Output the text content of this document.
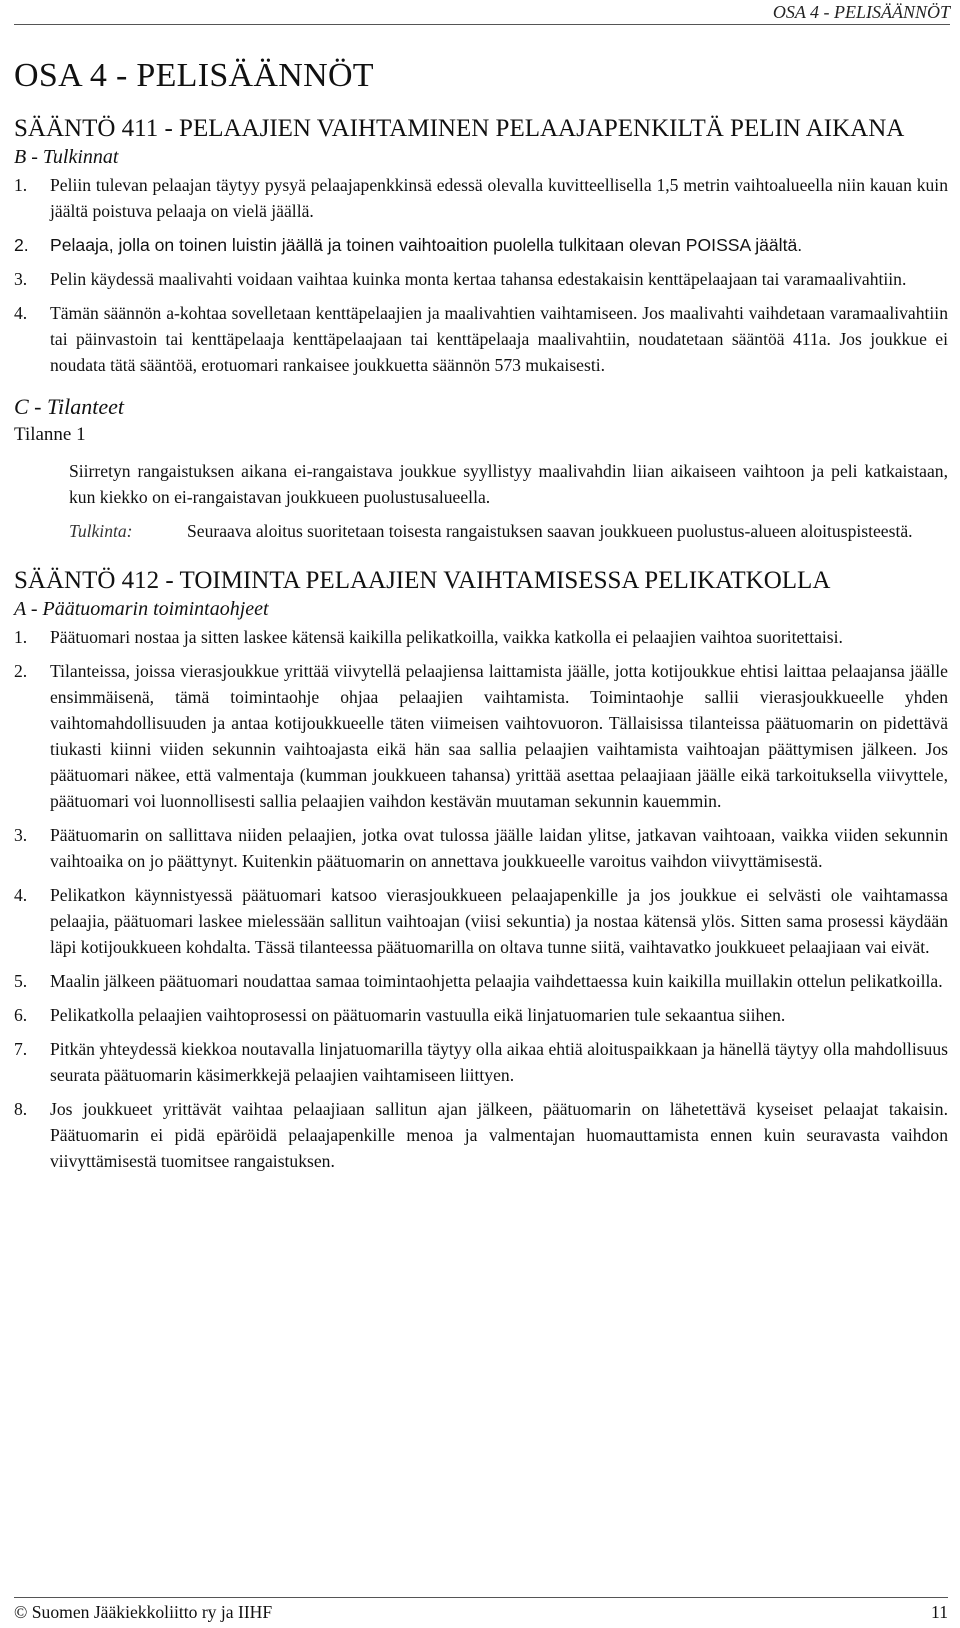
OSA 4 - PELISÄÄNNÖT
OSA 4 - PELISÄÄNNÖT
SÄÄNTÖ 411 - PELAAJIEN VAIHTAMINEN PELAAJAPENKILTÄ PELIN AIKANA
B - Tulkinnat
1. Peliin tulevan pelaajan täytyy pysyä pelaajapenkkinsä edessä olevalla kuvitteellisella 1,5 metrin vaihtoalueella niin kauan kuin jäältä poistuva pelaaja on vielä jäällä.
2. Pelaaja, jolla on toinen luistin jäällä ja toinen vaihtoaition puolella tulkitaan olevan POISSA jäältä.
3. Pelin käydessä maalivahti voidaan vaihtaa kuinka monta kertaa tahansa edestakaisin kenttäpelaajaan tai varamaalivahtiin.
4. Tämän säännön a-kohtaa sovelletaan kenttäpelaajien ja maalivahtien vaihtamiseen. Jos maalivahti vaihdetaan varamaalivahtiin tai päinvastoin tai kenttäpelaaja kenttäpelaajaan tai kenttäpelaaja maalivahtiin, noudatetaan sääntöä 411a. Jos joukkue ei noudata tätä sääntöä, erotuomari rankaisee joukkuetta säännön 573 mukaisesti.
C - Tilanteet
Tilanne 1
Siirretyn rangaistuksen aikana ei-rangaistava joukkue syyllistyy maalivahdin liian aikaiseen vaihtoon ja peli katkaistaan, kun kiekko on ei-rangaistavan joukkueen puolustusalueella.
Tulkinta:	Seuraava aloitus suoritetaan toisesta rangaistuksen saavan joukkueen puolustus-alueen aloituspisteestä.
SÄÄNTÖ 412 - TOIMINTA PELAAJIEN VAIHTAMISESSA PELIKATKOLLA
A - Päätuomarin toimintaohjeet
1. Päätuomari nostaa ja sitten laskee kätensä kaikilla pelikatkoilla, vaikka katkolla ei pelaajien vaihtoa suoritettaisi.
2. Tilanteissa, joissa vierasjoukkue yrittää viivytellä pelaajiensa laittamista jäälle, jotta kotijoukkue ehtisi laittaa pelaajansa jäälle ensimmäisenä, tämä toimintaohje ohjaa pelaajien vaihtamista. Toimintaohje sallii vierasjoukkueelle yhden vaihtomahdollisuuden ja antaa kotijoukkueelle täten viimeisen vaihtovuoron. Tällaisissa tilanteissa päätuomarin on pidettävä tiukasti kiinni viiden sekunnin vaihtoajasta eikä hän saa sallia pelaajien vaihtamista vaihtoajan päättymisen jälkeen. Jos päätuomari näkee, että valmentaja (kumman joukkueen tahansa) yrittää asettaa pelaajiaan jäälle eikä tarkoituksella viivyttele, päätuomari voi luonnollisesti sallia pelaajien vaihdon kestävän muutaman sekunnin kauemmin.
3. Päätuomarin on sallittava niiden pelaajien, jotka ovat tulossa jäälle laidan ylitse, jatkavan vaihtoaan, vaikka viiden sekunnin vaihtoaika on jo päättynyt. Kuitenkin päätuomarin on annettava joukkueelle varoitus vaihdon viivyttämisestä.
4. Pelikatkon käynnistyessä päätuomari katsoo vierasjoukkueen pelaajapenkille ja jos joukkue ei selvästi ole vaihtamassa pelaajia, päätuomari laskee mielessään sallitun vaihtoajan (viisi sekuntia) ja nostaa kätensä ylös. Sitten sama prosessi käydään läpi kotijoukkueen kohdalta. Tässä tilanteessa päätuomarilla on oltava tunne siitä, vaihtavatko joukkueet pelaajiaan vai eivät.
5. Maalin jälkeen päätuomari noudattaa samaa toimintaohjetta pelaajia vaihdettaessa kuin kaikilla muillakin ottelun pelikatkoilla.
6. Pelikatkolla pelaajien vaihtoprosessi on päätuomarin vastuulla eikä linjatuomarien tule sekaantua siihen.
7. Pitkän yhteydessä kiekkoa noutavalla linjatuomarilla täytyy olla aikaa ehtiä aloituspaikkaan ja hänellä täytyy olla mahdollisuus seurata päätuomarin käsimerkkejä pelaajien vaihtamiseen liittyen.
8. Jos joukkueet yrittävät vaihtaa pelaajiaan sallitun ajan jälkeen, päätuomarin on lähetettävä kyseiset pelaajat takaisin. Päätuomarin ei pidä epäröidä pelaajapenkille menoa ja valmentajan huomauttamista ennen kuin seuravasta vaihdon viivyttämisestä tuomitsee rangaistuksen.
© Suomen Jääkiekkoliitto ry ja IIHF	11
